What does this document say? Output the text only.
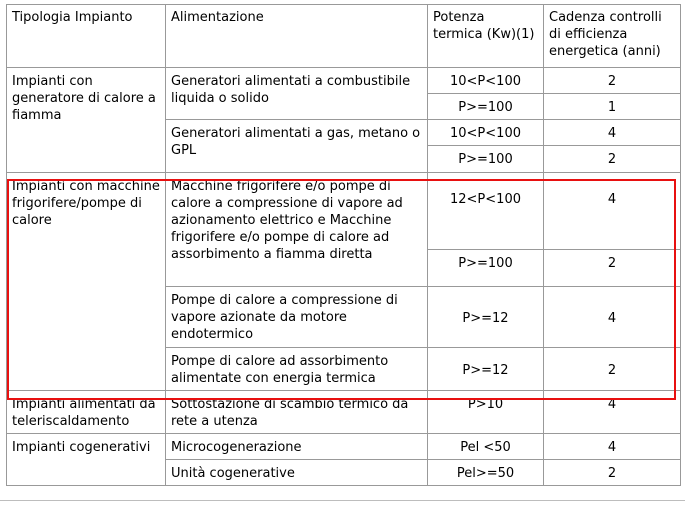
Tipologia Impianto	Alimentazione	Potenza termica (Kw)(1)	Cadenza controlli di efficienza energetica (anni)
Impianti con generatore di calore a fiamma	Generatori alimentati a combustibile liquida o solido	10<P<100	2
		P>=100	1
	Generatori alimentati a gas, metano o GPL	10<P<100	4
		P>=100	2
Impianti con macchine frigorifere/pompe di calore	Macchine frigorifere e/o pompe di calore a compressione di vapore ad azionamento elettrico e Macchine frigorifere e/o pompe di calore ad assorbimento a fiamma diretta	12<P<100	4
		P>=100	2
	Pompe di calore a compressione di vapore azionate da motore endotermico	P>=12	4
	Pompe di calore ad assorbimento alimentate con energia termica	P>=12	2
Impianti alimentati da teleriscaldamento	Sottostazione di scambio termico da rete a utenza	P>10	4
Impianti cogenerativi	Microcogenerazione	Pel <50	4
	Unità cogenerative	Pel>=50	2
